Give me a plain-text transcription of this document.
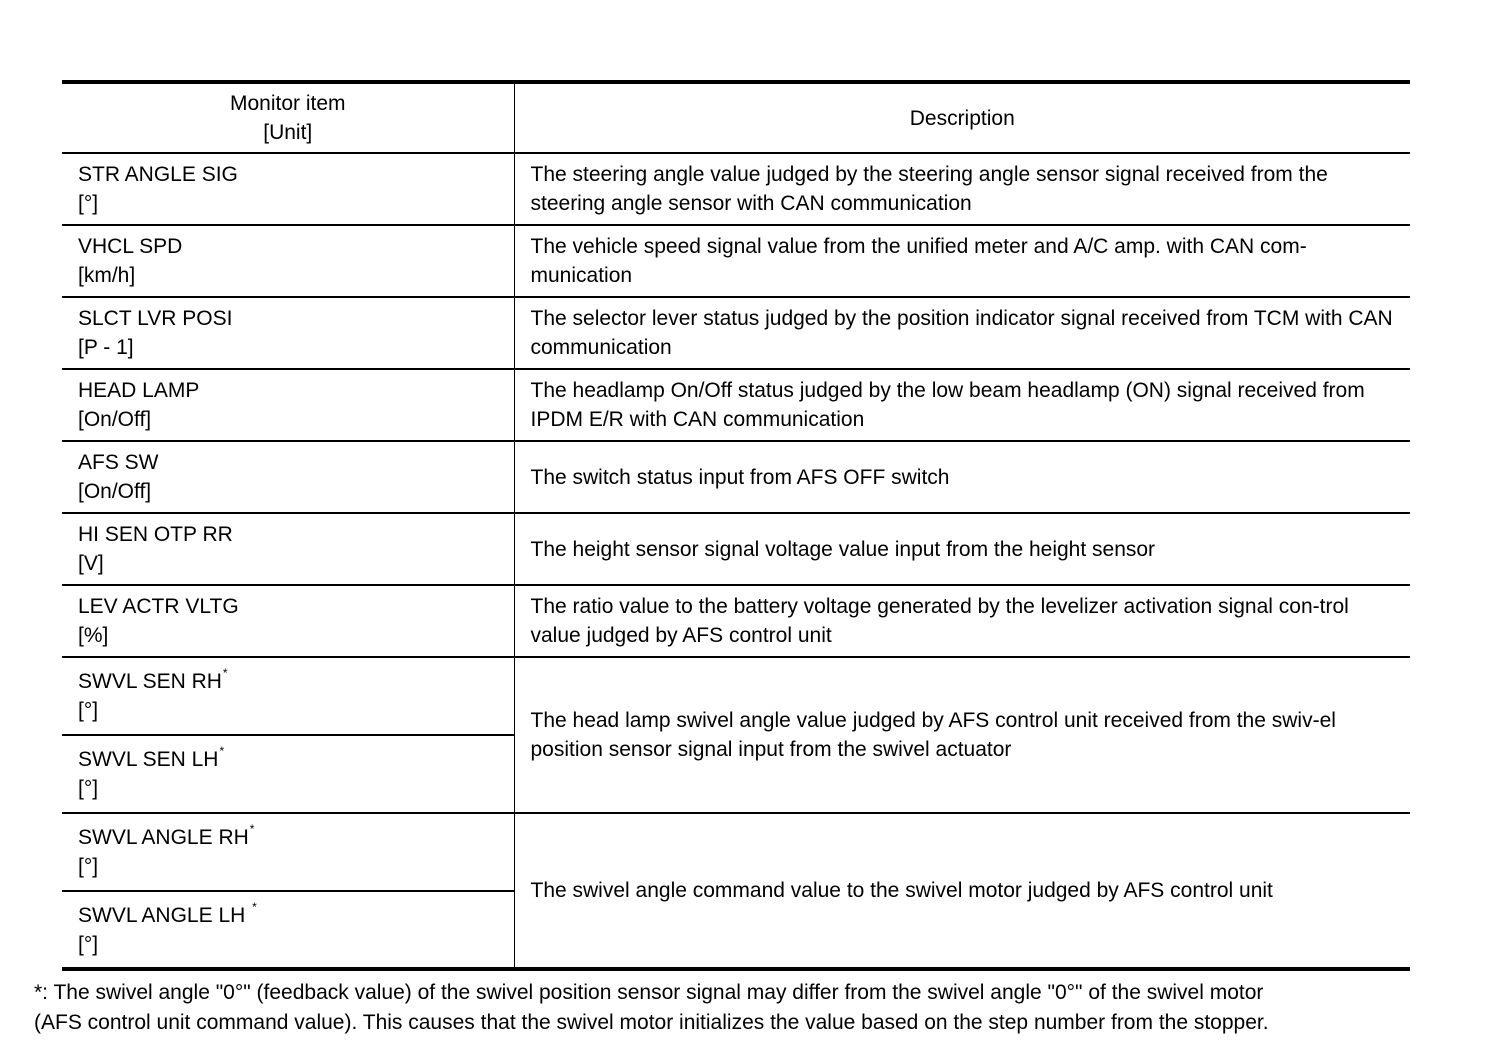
Monitor item
[Unit]	Description

STR ANGLE SIG
[°]	The steering angle value judged by the steering angle sensor signal received from the steering angle sensor with CAN communication

VHCL SPD
[km/h]	The vehicle speed signal value from the unified meter and A/C amp. with CAN com-munication

SLCT LVR POSI
[P - 1]	The selector lever status judged by the position indicator signal received from TCM with CAN communication

HEAD LAMP
[On/Off]	The headlamp On/Off status judged by the low beam headlamp (ON) signal received from IPDM E/R with CAN communication

AFS SW
[On/Off]	The switch status input from AFS OFF switch

HI SEN OTP RR
[V]	The height sensor signal voltage value input from the height sensor

LEV ACTR VLTG
[%]	The ratio value to the battery voltage generated by the levelizer activation signal con-trol value judged by AFS control unit

SWVL SEN RH*
[°]	The head lamp swivel angle value judged by AFS control unit received from the swiv-el position sensor signal input from the swivel actuator

SWVL SEN LH*
[°]	

SWVL ANGLE RH*
[°]	The swivel angle command value to the swivel motor judged by AFS control unit

SWVL ANGLE LH *
[°]	

*: The swivel angle "0°" (feedback value) of the swivel position sensor signal may differ from the swivel angle "0°" of the swivel motor
(AFS control unit command value). This causes that the swivel motor initializes the value based on the step number from the stopper.
